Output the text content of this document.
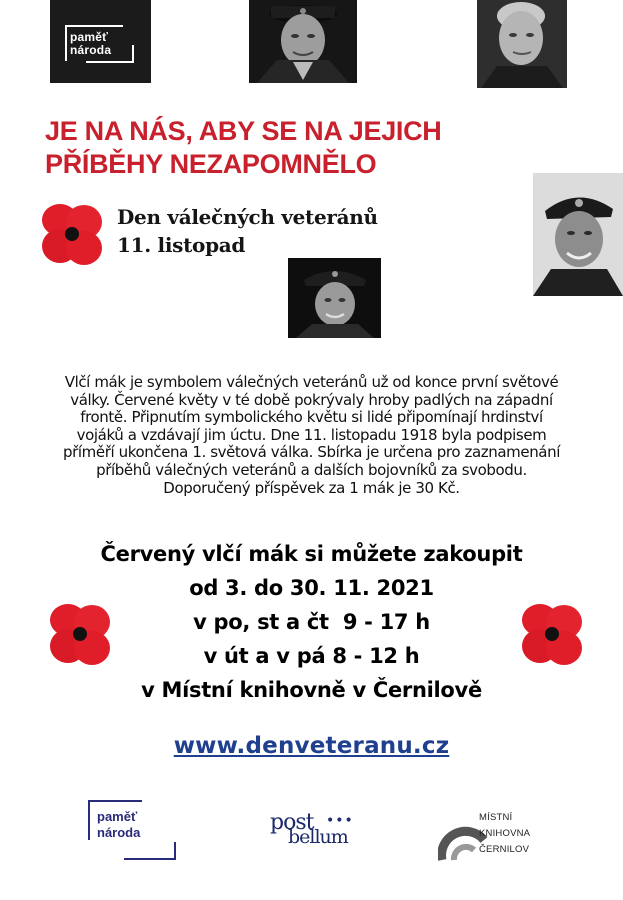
paměť
národa
JE NA NÁS, ABY SE NA JEJICH
PŘÍBĚHY NEZAPOMNĚLO
Den válečných veteránů
11. listopad
Vlčí mák je symbolem válečných veteránů už od konce první světové
války. Červené květy v té době pokrývaly hroby padlých na západní
frontě. Připnutím symbolického květu si lidé připomínají hrdinství
vojáků a vzdávají jim úctu. Dne 11. listopadu 1918 byla podpisem
příměří ukončena 1. světová válka. Sbírka je určena pro zaznamenání
příběhů válečných veteránů a dalších bojovníků za svobodu.
Doporučený příspěvek za 1 mák je 30 Kč.
Červený vlčí mák si můžete zakoupit
od 3. do 30. 11. 2021
v po, st a čt  9 - 17 h
v út a v pá 8 - 12 h
v Místní knihovně v Černilově
www.denveteranu.cz
paměť
národa	post
bellum
•••	MÍSTNÍ
KNIHOVNA
ČERNILOV
